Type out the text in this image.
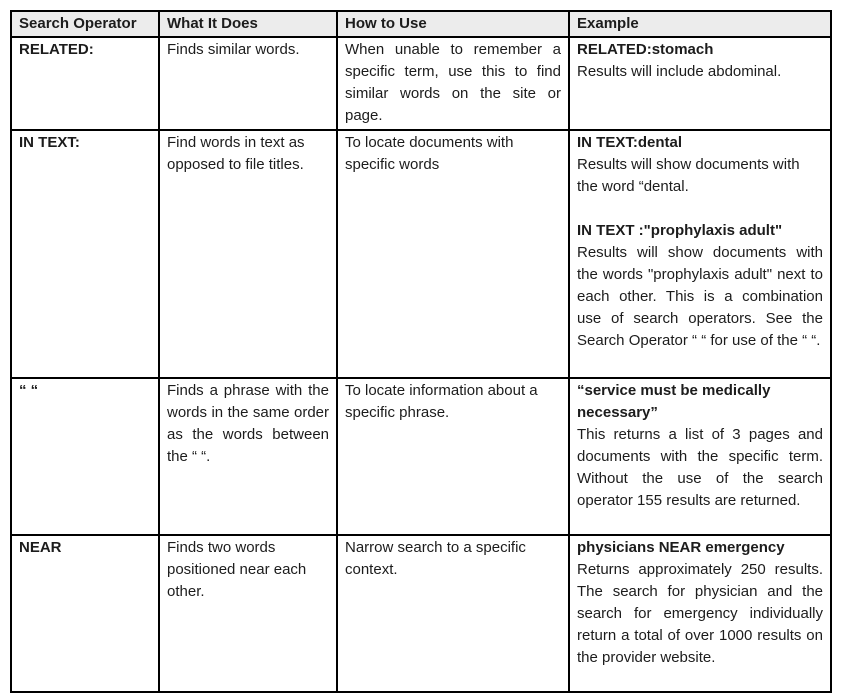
Search Operator	What It Does	How to Use	Example

RELATED:	Finds similar words.	When unable to remember a specific term, use this to find similar words on the site or page.	RELATED:stomach

Results will include abdominal.

IN TEXT:	Find words in text as opposed to file titles.	To locate documents with specific words	IN TEXT:dental

Results will show documents with the word “dental.

IN TEXT :"prophylaxis adult"

Results will show documents with the words "prophylaxis adult" next to each other. This is a combination use of search operators. See the Search Operator “ “ for use of the “ “.

“ “	Finds a phrase with the words in the same order as the words between the “ “.	To locate information about a specific phrase.	“service must be medically necessary”

This returns a list of 3 pages and documents with the specific term. Without the use of the search operator 155 results are returned.

NEAR	Finds two words positioned near each other.	Narrow search to a specific context.	physicians NEAR emergency

Returns approximately 250 results. The search for physician and the search for emergency individually return a total of over 1000 results on the provider website.
